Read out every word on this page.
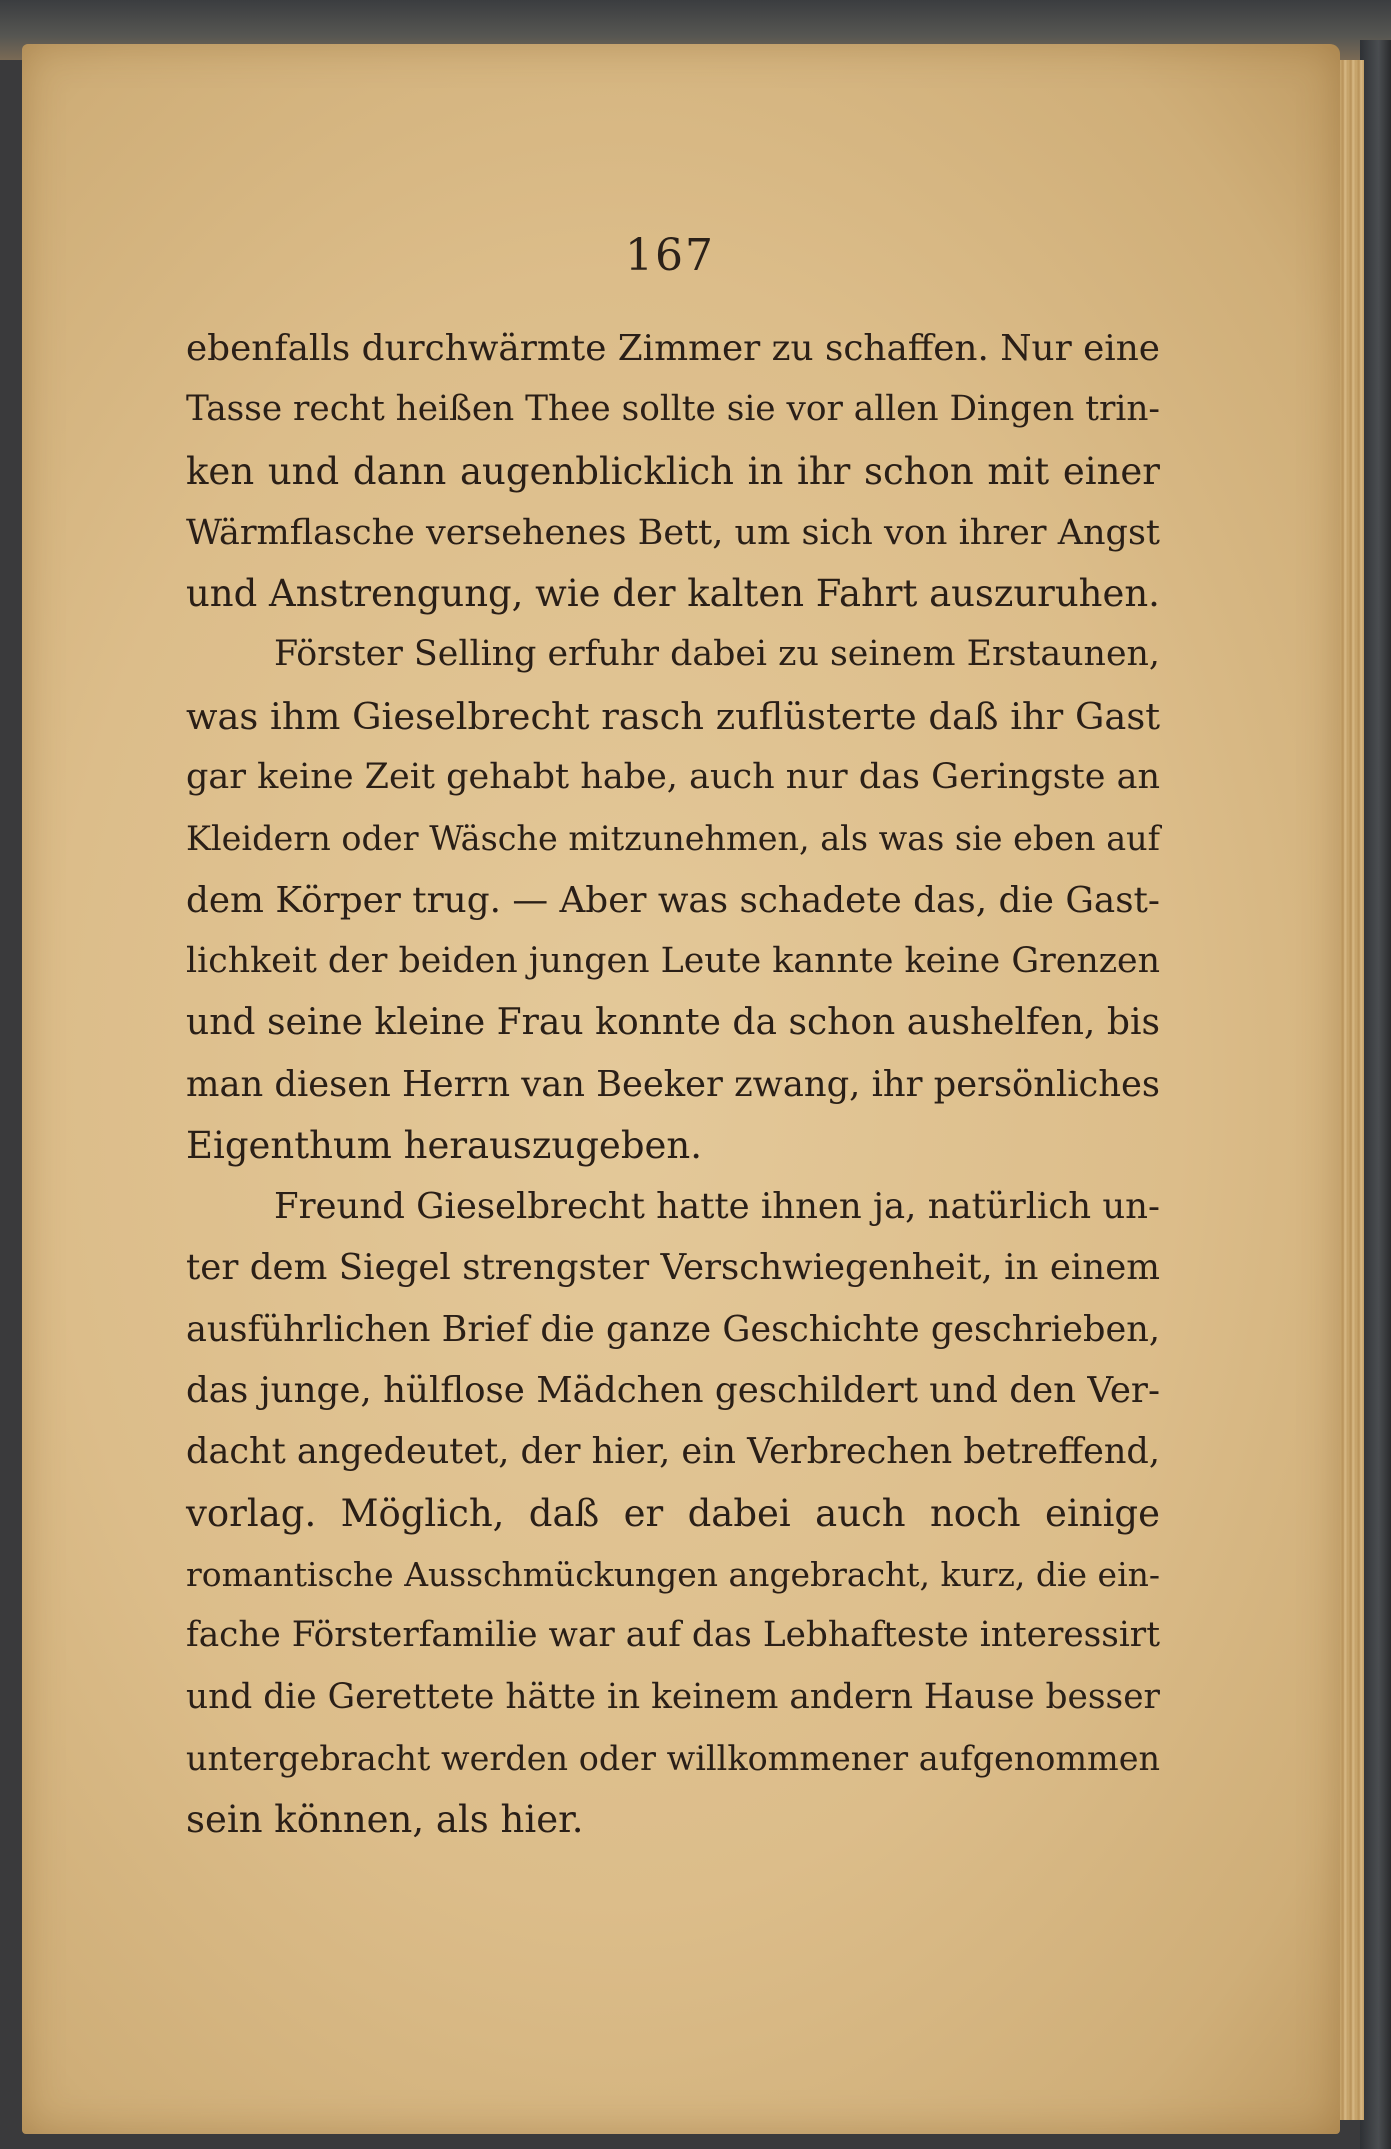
167
ebenfalls durchwärmte Zimmer zu schaffen. Nur eine
Tasse recht heißen Thee sollte sie vor allen Dingen trin-
ken und dann augenblicklich in ihr schon mit einer
Wärmflasche versehenes Bett, um sich von ihrer Angst
und Anstrengung, wie der kalten Fahrt auszuruhen.
Förster Selling erfuhr dabei zu seinem Erstaunen,
was ihm Gieselbrecht rasch zuflüsterte daß ihr Gast
gar keine Zeit gehabt habe, auch nur das Geringste an
Kleidern oder Wäsche mitzunehmen, als was sie eben auf
dem Körper trug. — Aber was schadete das, die Gast-
lichkeit der beiden jungen Leute kannte keine Grenzen
und seine kleine Frau konnte da schon aushelfen, bis
man diesen Herrn van Beeker zwang, ihr persönliches
Eigenthum herauszugeben.
Freund Gieselbrecht hatte ihnen ja, natürlich un-
ter dem Siegel strengster Verschwiegenheit, in einem
ausführlichen Brief die ganze Geschichte geschrieben,
das junge, hülflose Mädchen geschildert und den Ver-
dacht angedeutet, der hier, ein Verbrechen betreffend,
vorlag. Möglich, daß er dabei auch noch einige
romantische Ausschmückungen angebracht, kurz, die ein-
fache Försterfamilie war auf das Lebhafteste interessirt
und die Gerettete hätte in keinem andern Hause besser
untergebracht werden oder willkommener aufgenommen
sein können, als hier.
